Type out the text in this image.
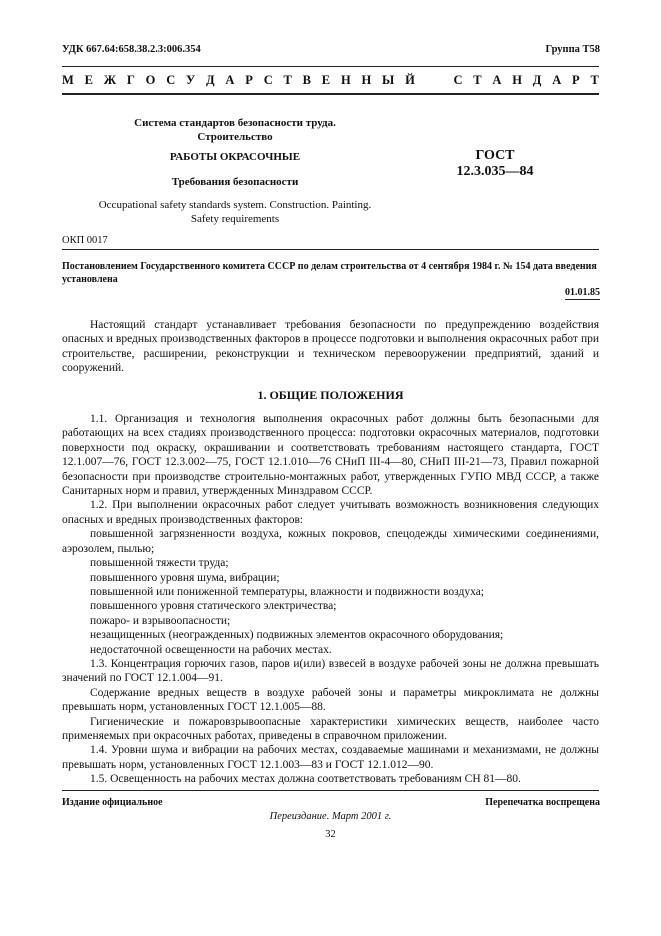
УДК 667.64:658.38.2.3:006.354	Группа Т58
М Е Ж Г О С У Д А Р С Т В Е Н Н Ы Й

	С Т А Н Д А Р Т
Система стандартов безопасности труда.
Строительство
РАБОТЫ ОКРАСОЧНЫЕ
Требования безопасности
ГОСТ
12.3.035—84
Occupational safety standards system. Construction. Painting.
Safety requirements
ОКП 0017
Постановлением Государственного комитета СССР по делам строительства от 4 сентября 1984 г. № 154 дата введения установлена
01.01.85

Настоящий стандарт устанавливает требования безопасности по предупреждению воздействия опасных и вредных производственных факторов в процессе подготовки и выполнения окрасочных работ при строительстве, расширении, реконструкции и техническом перевооружении предприятий, зданий и сооружений.

1. ОБЩИЕ ПОЛОЖЕНИЯ

1.1. Организация и технология выполнения окрасочных работ должны быть безопасными для работающих на всех стадиях производственного процесса: подготовки окрасочных материалов, подготовки поверхности под окраску, окрашивании и соответствовать требованиям настоящего стандарта, ГОСТ 12.1.007—76, ГОСТ 12.3.002—75, ГОСТ 12.1.010—76 СНиП III-4—80, СНиП III-21—73, Правил пожарной безопасности при производстве строительно-монтажных работ, утвержденных ГУПО МВД СССР, а также Санитарных норм и правил, утвержденных Минздравом СССР.

1.2. При выполнении окрасочных работ следует учитывать возможность возникновения следующих опасных и вредных производственных факторов:

повышенной загрязненности воздуха, кожных покровов, спецодежды химическими соединениями, аэрозолем, пылью;

повышенной тяжести труда;

повышенного уровня шума, вибрации;

повышенной или пониженной температуры, влажности и подвижности воздуха;

повышенного уровня статического электричества;

пожаро- и взрывоопасности;

незащищенных (неогражденных) подвижных элементов окрасочного оборудования;

недостаточной освещенности на рабочих местах.

1.3. Концентрация горючих газов, паров и(или) взвесей в воздухе рабочей зоны не должна превышать значений по ГОСТ 12.1.004—91.

Содержание вредных веществ в воздухе рабочей зоны и параметры микроклимата не должны превышать норм, установленных ГОСТ 12.1.005—88.

Гигиенические и пожаровзрывоопасные характеристики химических веществ, наиболее часто применяемых при окрасочных работах, приведены в справочном приложении.

1.4. Уровни шума и вибрации на рабочих местах, создаваемые машинами и механизмами, не должны превышать норм, установленных ГОСТ 12.1.003—83 и ГОСТ 12.1.012—90.

1.5. Освещенность на рабочих местах должна соответствовать требованиям СН 81—80.

Издание официальное	Перепечатка воспрещена
Переиздание. Март 2001 г.
32
